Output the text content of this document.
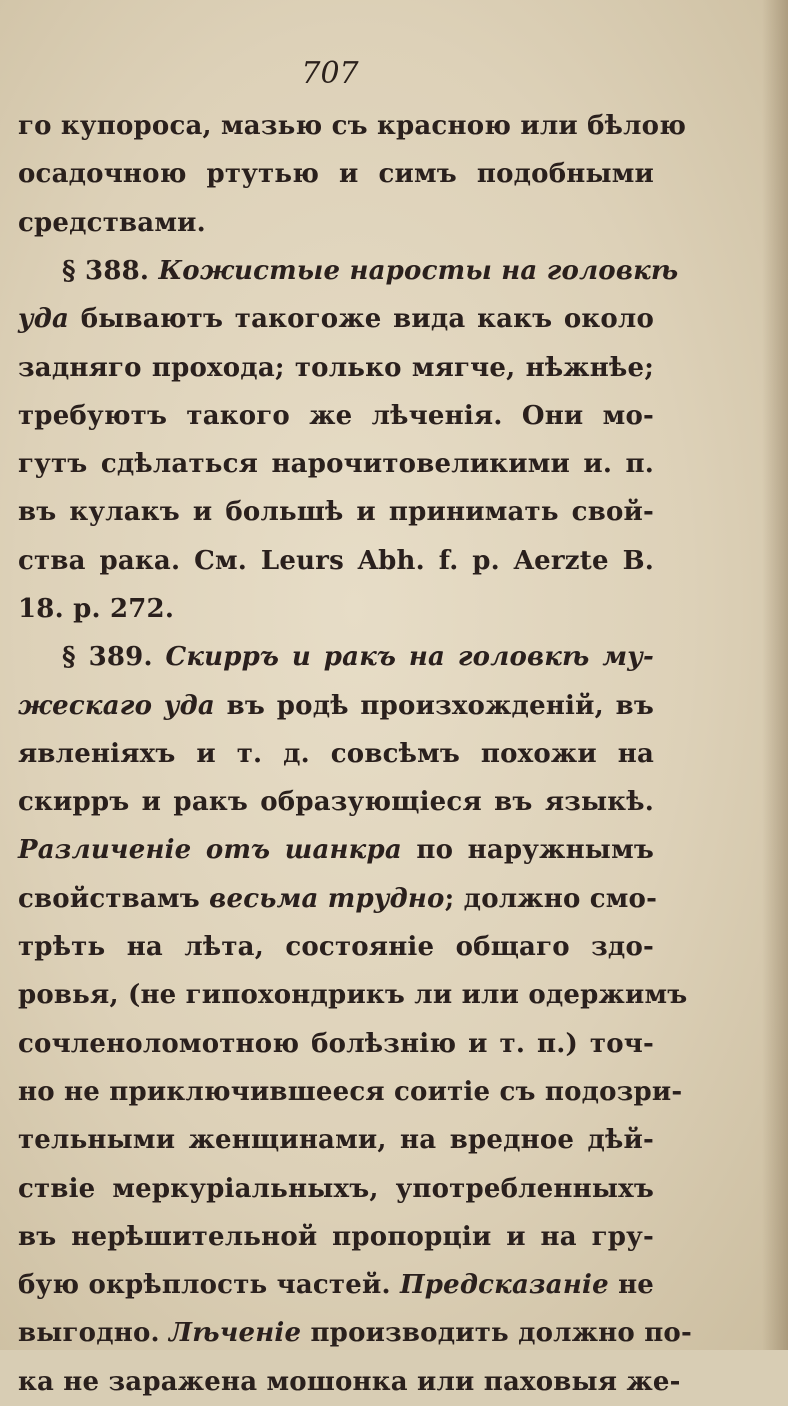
707
го купороса, мазью съ красною или бѣлою
осадочною ртутью и симъ подобными
средствами.
§ 388. Кожистые наросты на головкѣ
уда бываютъ такогоже вида какъ около
задняго прохода; только мягче, нѣжнѣе;
требуютъ такого же лѣченія. Они мо-
гутъ сдѣлаться нарочитовеликими и. п.
въ кулакъ и большѣ и принимать свой-
ства рака. См. Leurs Abh. f. p. Aerzte B.
18. p. 272.
§ 389. Скирръ и ракъ на головкѣ му-
жескаго уда въ родѣ произхожденій, въ
явленіяхъ и т. д. совсѣмъ похожи на
скирръ и ракъ образующіеся въ языкѣ.
Различеніе отъ шанкра по наружнымъ
свойствамъ весьма трудно; должно смо-
трѣть на лѣта, состояніе общаго здо-
ровья, (не гипохондрикъ ли или одержимъ
сочленоломотною болѣзнію и т. п.) точ-
но не приключившееся соитіе съ подозри-
тельными женщинами, на вредное дѣй-
ствіе меркуріальныхъ, употребленныхъ
въ нерѣшительной пропорціи и на гру-
бую окрѣплость частей. Предсказаніе не
выгодно. Лѣченіе производить должно по-
ка не заражена мошонка или паховыя же-
